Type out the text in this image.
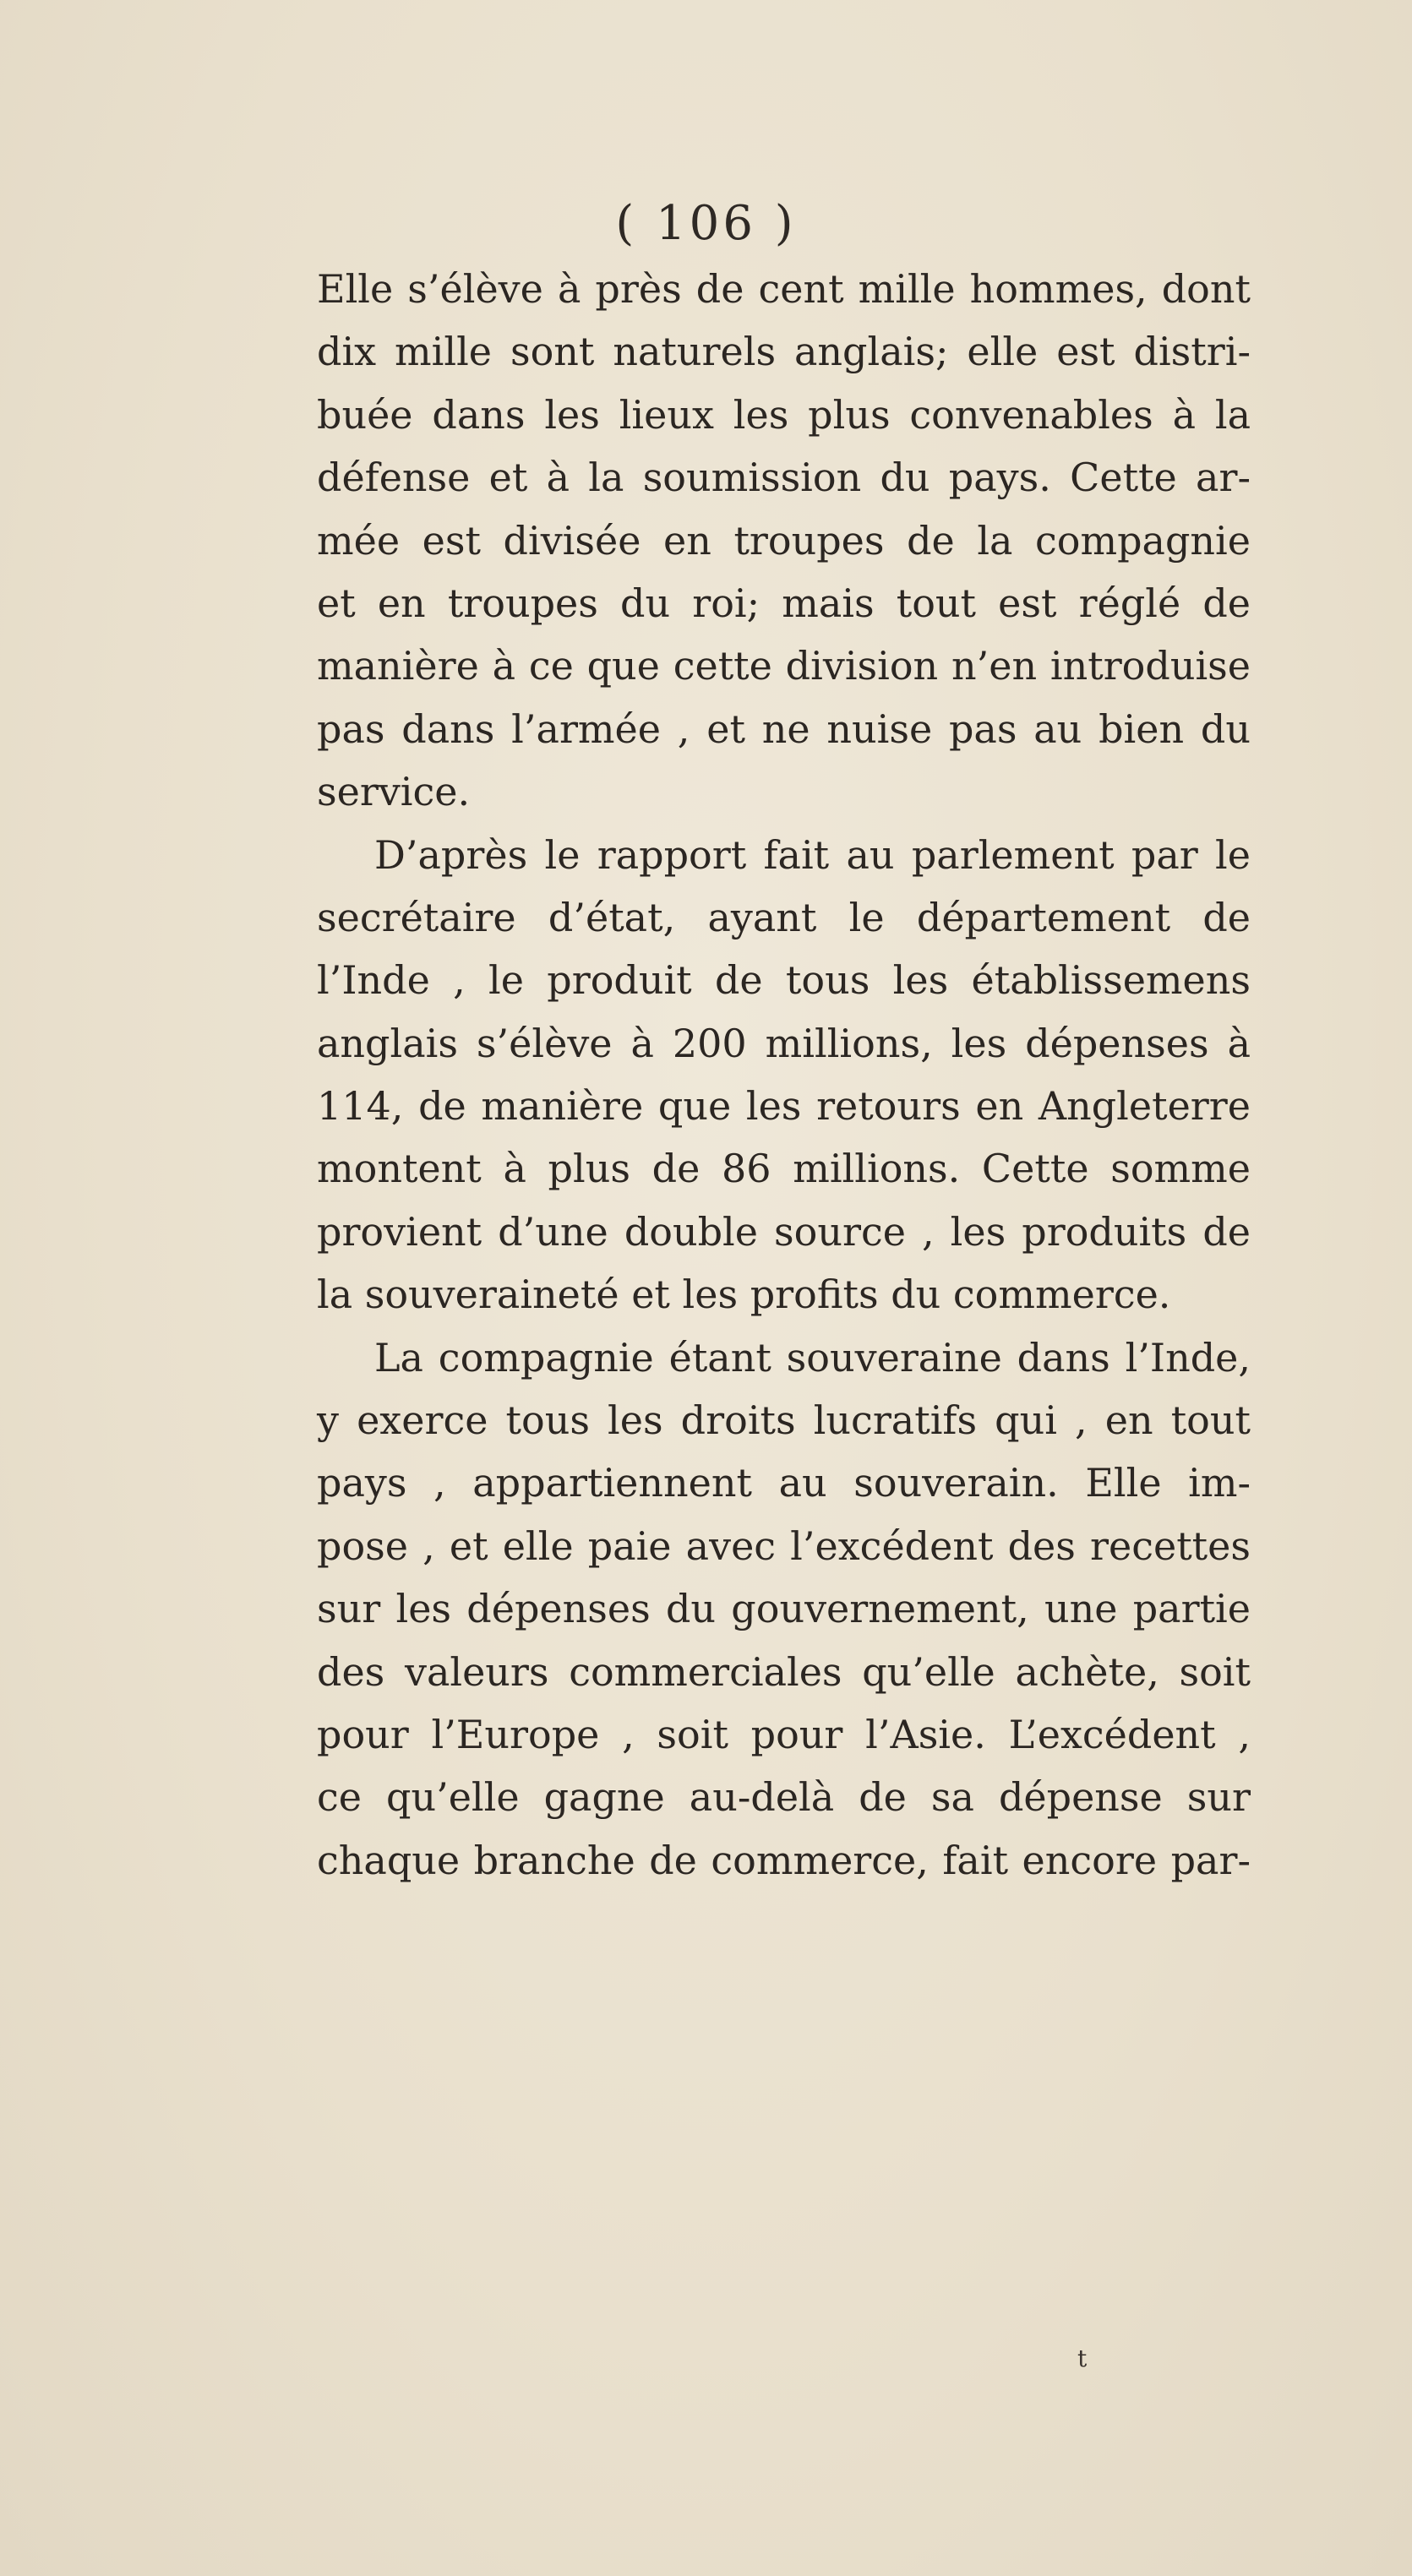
( 106 )
Elle s’élève à près de cent mille hommes, dont
dix mille sont naturels anglais; elle est distri-
buée dans les lieux les plus convenables à la
défense et à la soumission du pays. Cette ar-
mée est divisée en troupes de la compagnie
et en troupes du roi; mais tout est réglé de
manière à ce que cette division n’en introduise
pas dans l’armée , et ne nuise pas au bien du
service.
D’après le rapport fait au parlement par le
secrétaire d’état, ayant le département de
l’Inde , le produit de tous les établissemens
anglais s’élève à 200 millions, les dépenses à
114, de manière que les retours en Angleterre
montent à plus de 86 millions. Cette somme
provient d’une double source , les produits de
la souveraineté et les profits du commerce.
La compagnie étant souveraine dans l’Inde,
y exerce tous les droits lucratifs qui , en tout
pays , appartiennent au souverain. Elle im-
pose , et elle paie avec l’excédent des recettes
sur les dépenses du gouvernement, une partie
des valeurs commerciales qu’elle achète, soit
pour l’Europe , soit pour l’Asie. L’excédent ,
ce qu’elle gagne au-delà de sa dépense sur
chaque branche de commerce, fait encore par-
t
